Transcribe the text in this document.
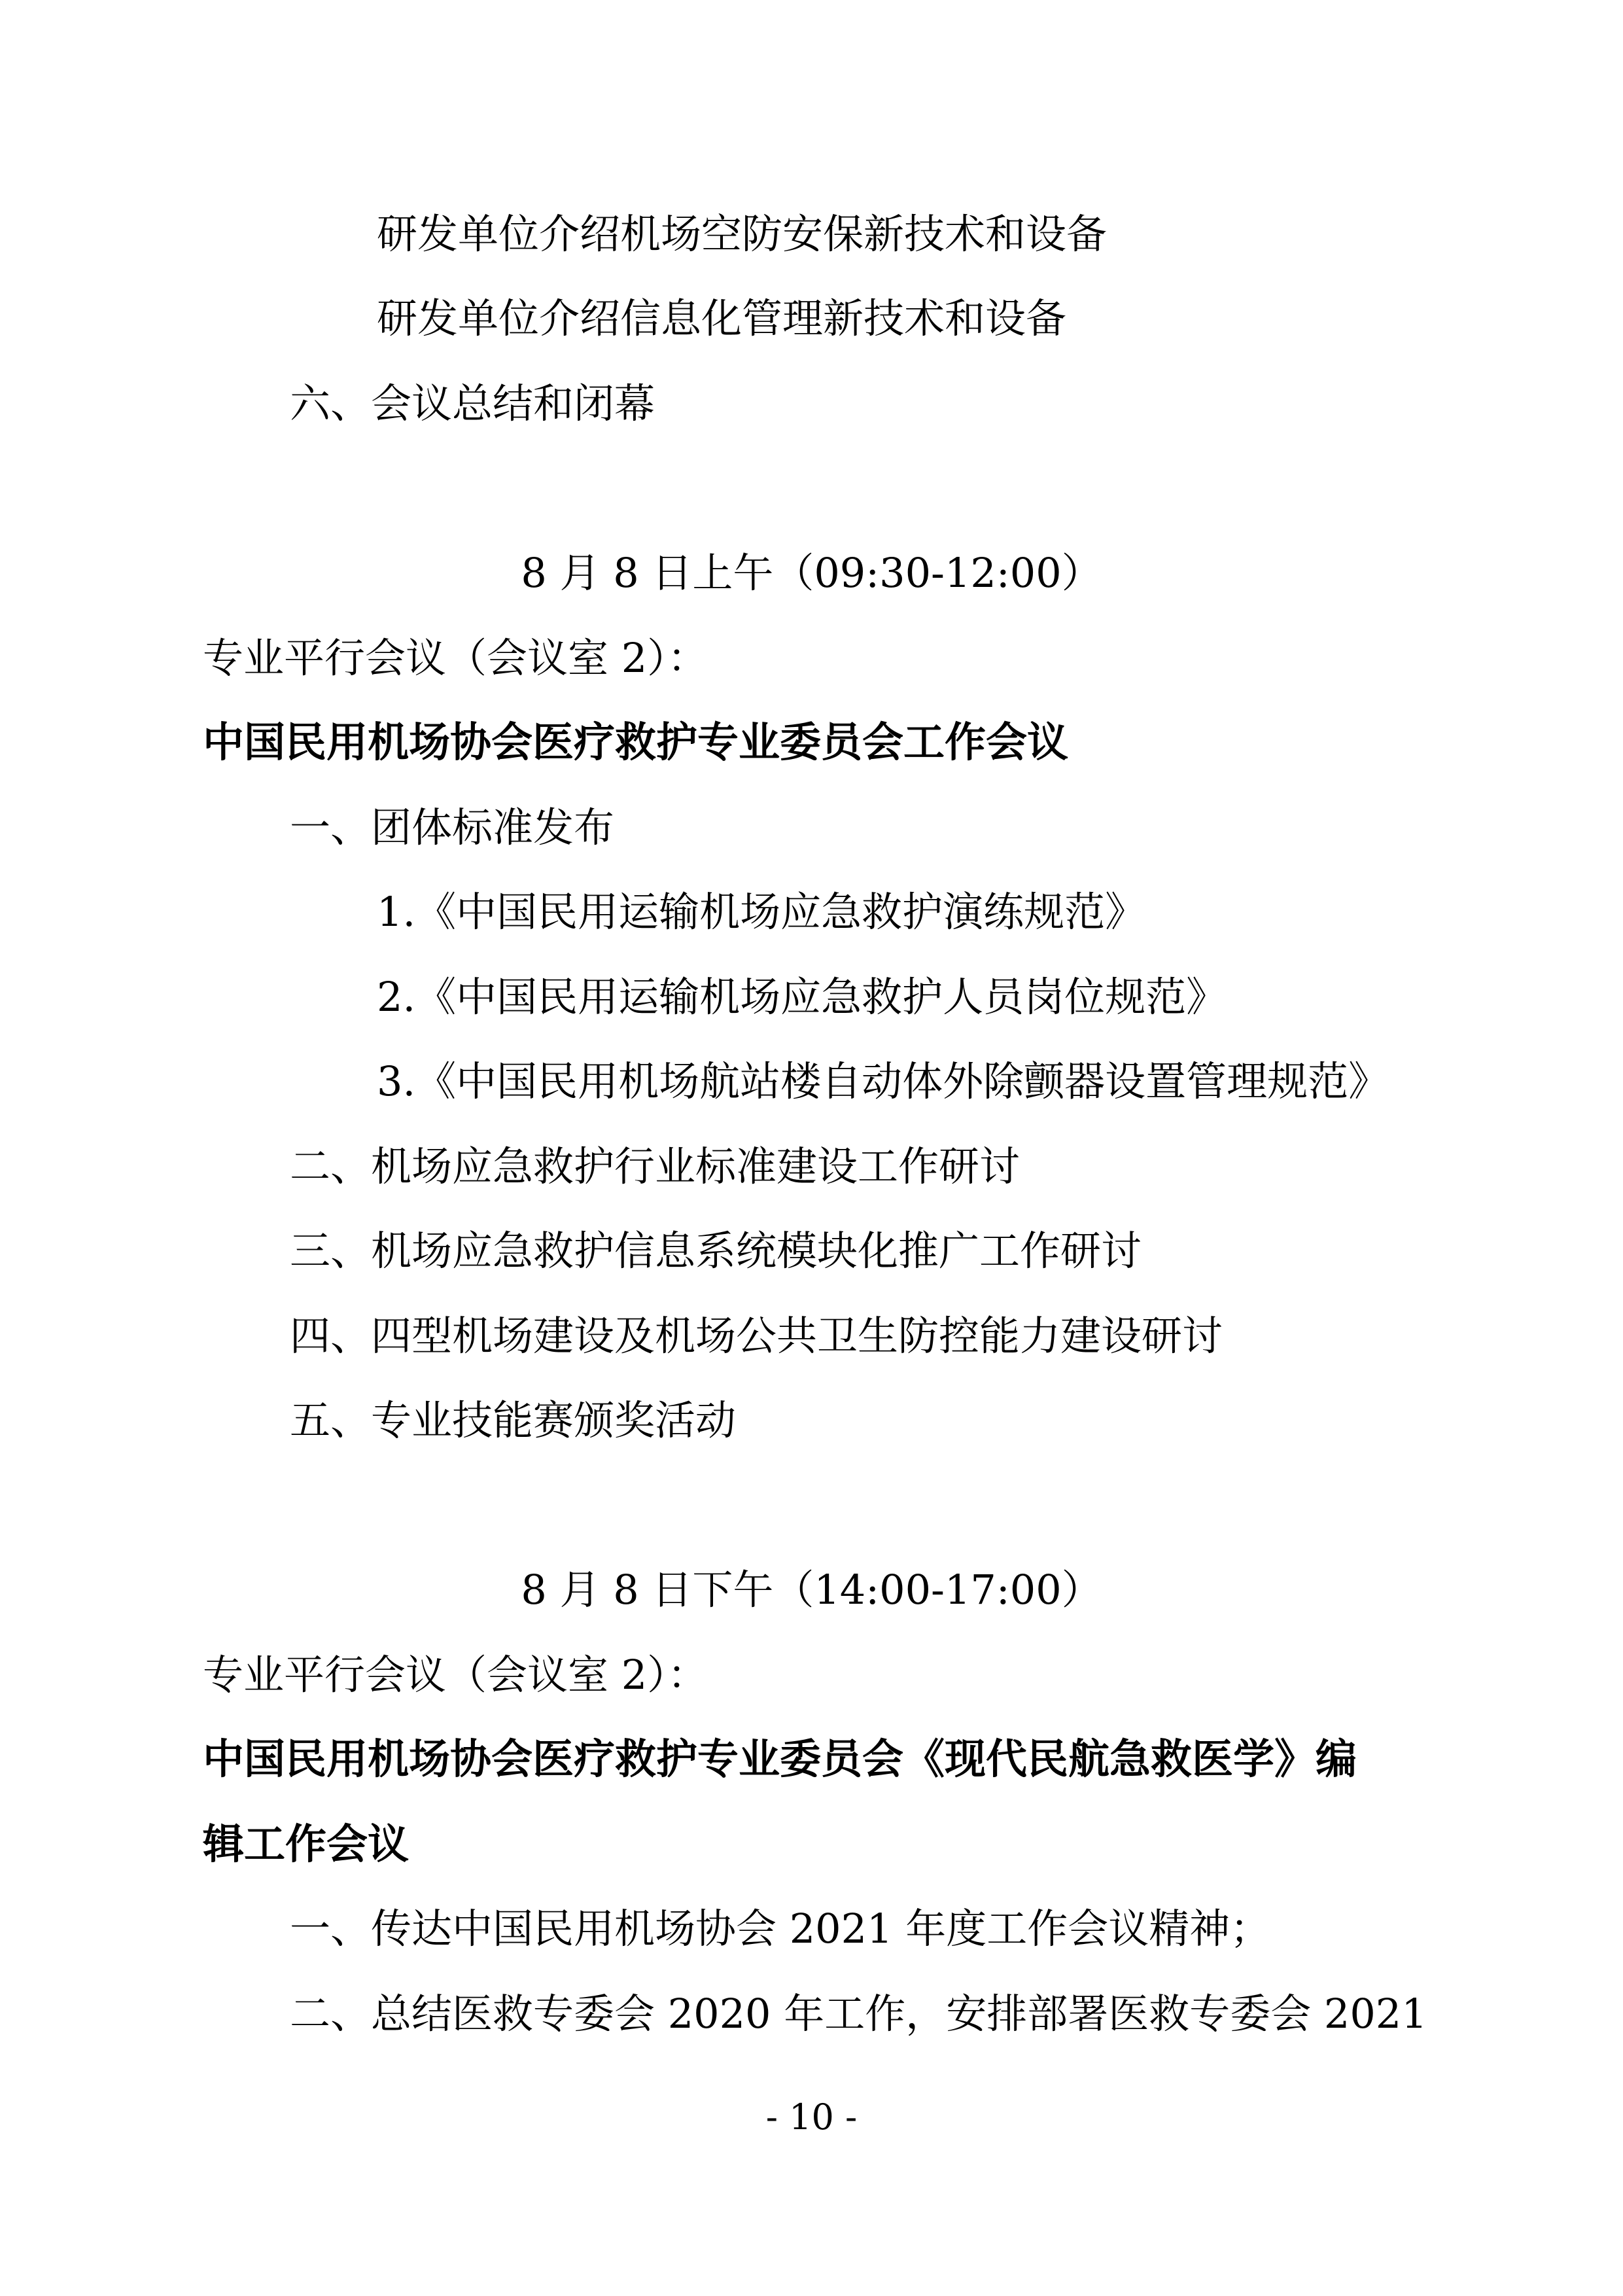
研发单位介绍机场空防安保新技术和设备
研发单位介绍信息化管理新技术和设备
六、会议总结和闭幕
8 月 8 日上午（09:30-12:00）
专业平行会议（会议室 2）：
中国民用机场协会医疗救护专业委员会工作会议
一、团体标准发布
1.《中国民用运输机场应急救护演练规范》
2.《中国民用运输机场应急救护人员岗位规范》
3.《中国民用机场航站楼自动体外除颤器设置管理规范》
二、机场应急救护行业标准建设工作研讨
三、机场应急救护信息系统模块化推广工作研讨
四、四型机场建设及机场公共卫生防控能力建设研讨
五、专业技能赛颁奖活动
8 月 8 日下午（14:00-17:00）
专业平行会议（会议室 2）：
中国民用机场协会医疗救护专业委员会《现代民航急救医学》编
辑工作会议
一、传达中国民用机场协会 2021 年度工作会议精神；
二、总结医救专委会 2020 年工作，安排部署医救专委会 2021
- 10 -
